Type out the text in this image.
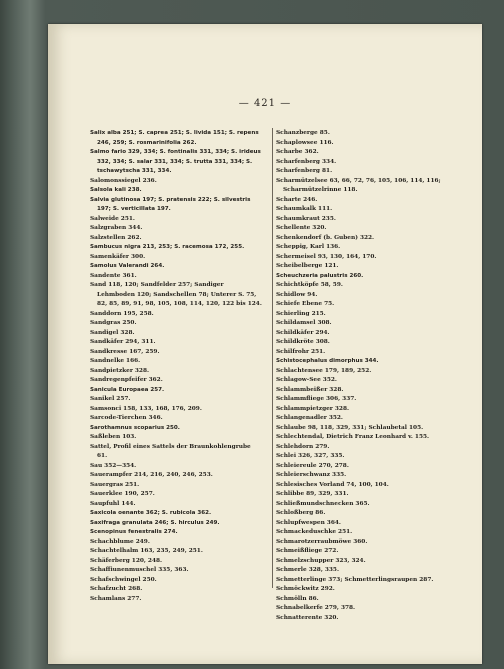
— 421 —
Salix alba 251; S. caprea 251; S. livida 151; S. repens 246, 259; S. rosmarinifolia 262.
Salmo fario 329, 334; S. fontinalis 331, 334; S. irideus 332, 334; S. salar 331, 334; S. trutta 331, 334; S. tschawytscha 331, 334.
Salomonssiegel 236.
Salsola kali 238.
Salvia glutinosa 197; S. pratensis 222; S. silvestris 197; S. verticillata 197.
Salweide 251.
Salzgraben 344.
Salzstellen 262.
Sambucus nigra 213, 253; S. racemosa 172, 255.
Samenkäfer 300.
Samolus Valerandi 264.
Sandente 361.
Sand 118, 120; Sandfelder 257; Sandiger Lehmboden 120; Sandschellen 78; Unterer S. 75, 82, 85, 89, 91, 98, 105, 108, 114, 120, 122 bis 124.
Sanddorn 195, 258.
Sandgras 250.
Sandigel 328.
Sandkäfer 294, 311.
Sandkresse 167, 259.
Sandnelke 166.
Sandpietzker 328.
Sandregenpfeifer 362.
Sanicula Europaea 257.
Sanikel 257.
Samsonci 158, 133, 168, 176, 209.
Sarcode-Tierchen 346.
Sarothamnus scoparius 250.
Saßleben 103.
Sattel, Profil eines Sattels der Braunkohlengrube 61.
Sau 352—354.
Sauerampfer 214, 216, 240, 246, 253.
Sauergras 251.
Sauerklee 190, 257.
Saupfuhl 144.
Saxicola oenante 362; S. rubicola 362.
Saxifraga granulata 246; S. hirculus 249.
Scenopinus fenestralis 274.
Schachblume 249.
Schachtelhalm 163, 235, 249, 251.
Schäferberg 120, 248.
Schaffiunenmuschel 335, 363.
Schafschwingel 250.
Schafzucht 268.
Schamlans 277.
Schanzberge 85.
Schaplowsee 116.
Scharbe 362.
Scharfenberg 334.
Scharfenberg 81.
Scharmützelsee 63, 66, 72, 76, 105, 106, 114, 116; Scharmützelrinne 118.
Scharte 246.
Schaumkalk 111.
Schaumkraut 235.
Schellente 320.
Schenkendorf (b. Guben) 322.
Scheppig, Karl 136.
Schermeisel 93, 130, 164, 170.
Scheibelberge 121.
Scheuchzeria palustris 260.
Schichtköpfe 58, 59.
Schidlow 94.
Schiefe Ebene 75.
Schierling 215.
Schildamsel 308.
Schildkäfer 294.
Schildkröte 308.
Schilfrohr 251.
Schistocephalus dimorphus 344.
Schlachtensee 179, 189, 252.
Schlagow-See 352.
Schlammbeißer 328.
Schlammfliege 306, 337.
Schlammpietzger 328.
Schlangenadler 352.
Schlaube 98, 118, 329, 331; Schlaubetal 105.
Schlechtendal, Dietrich Franz Leonhard v. 155.
Schlehdorn 279.
Schlei 326, 327, 335.
Schleiereule 270, 278.
Schleierschwanz 335.
Schlesisches Vorland 74, 100, 104.
Schlibbe 89, 329, 331.
Schließmundschnecken 365.
Schloßberg 86.
Schlupfwespen 364.
Schmackeduschke 251.
Schmarotzerraubmöwe 360.
Schmeißfliege 272.
Schmelzschupper 323, 324.
Schmerle 328, 335.
Schmetterlinge 373; Schmetterlingsraupen 287.
Schmöckwitz 292.
Schmölln 86.
Schnabelkerfe 279, 378.
Schnatterente 320.
